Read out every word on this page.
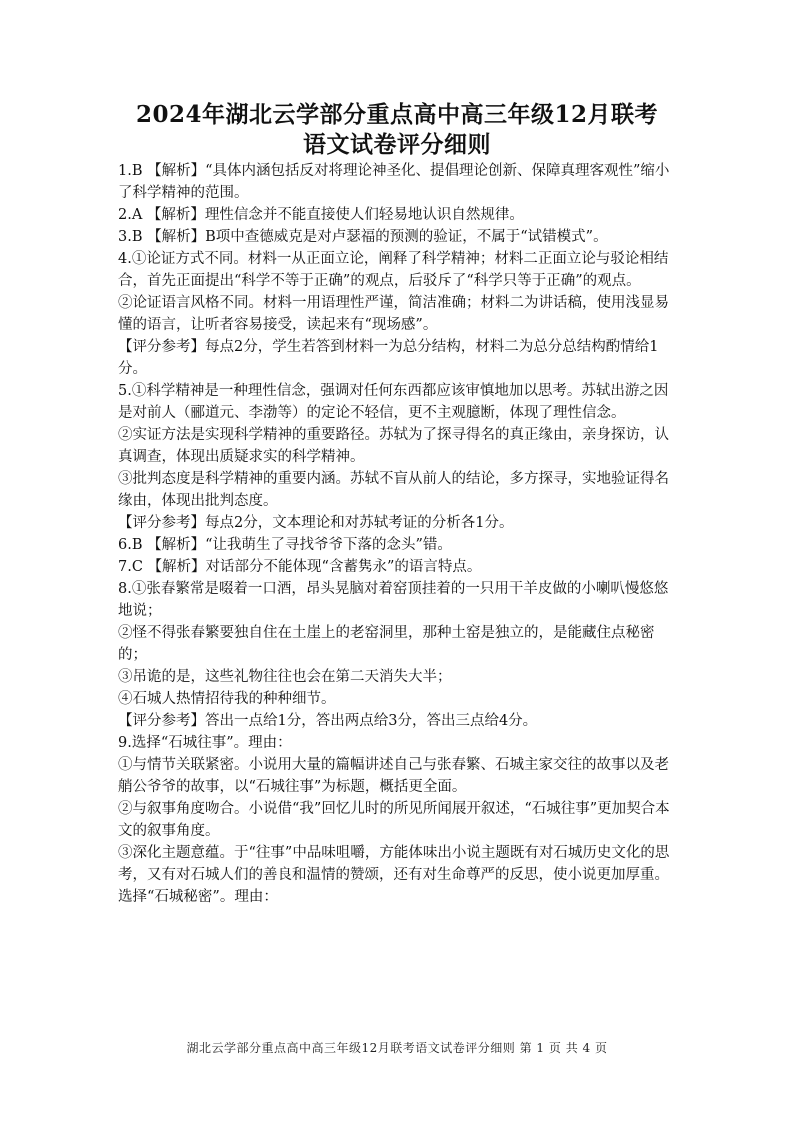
2024年湖北云学部分重点高中高三年级12月联考
语文试卷评分细则

1.B 【解析】“具体内涵包括反对将理论神圣化、提倡理论创新、保障真理客观性”缩小了科学精神的范围。

2.A 【解析】理性信念并不能直接使人们轻易地认识自然规律。

3.B 【解析】B项中查德威克是对卢瑟福的预测的验证，不属于“试错模式”。

4.①论证方式不同。材料一从正面立论，阐释了科学精神；材料二正面立论与驳论相结合，首先正面提出“科学不等于正确”的观点，后驳斥了“科学只等于正确”的观点。

②论证语言风格不同。材料一用语理性严谨，简洁准确；材料二为讲话稿，使用浅显易懂的语言，让听者容易接受，读起来有“现场感”。

【评分参考】每点2分，学生若答到材料一为总分结构，材料二为总分总结构酌情给1分。

5.①科学精神是一种理性信念，强调对任何东西都应该审慎地加以思考。苏轼出游之因是对前人（郦道元、李渤等）的定论不轻信，更不主观臆断，体现了理性信念。

②实证方法是实现科学精神的重要路径。苏轼为了探寻得名的真正缘由，亲身探访，认真调查，体现出质疑求实的科学精神。

③批判态度是科学精神的重要内涵。苏轼不盲从前人的结论，多方探寻，实地验证得名缘由，体现出批判态度。

【评分参考】每点2分，文本理论和对苏轼考证的分析各1分。

6.B 【解析】“让我萌生了寻找爷爷下落的念头”错。

7.C 【解析】对话部分不能体现“含蓄隽永”的语言特点。

8.①张春繁常是啜着一口酒，昂头晃脑对着窑顶挂着的一只用干羊皮做的小喇叭慢悠悠地说；

②怪不得张春繁要独自住在土崖上的老窑洞里，那种土窑是独立的，是能藏住点秘密的；

③吊诡的是，这些礼物往往也会在第二天消失大半；

④石城人热情招待我的种种细节。

【评分参考】答出一点给1分，答出两点给3分，答出三点给4分。

9.选择“石城往事”。理由：

①与情节关联紧密。小说用大量的篇幅讲述自己与张春繁、石城主家交往的故事以及老艄公爷爷的故事，以“石城往事”为标题，概括更全面。

②与叙事角度吻合。小说借“我”回忆儿时的所见所闻展开叙述，“石城往事”更加契合本文的叙事角度。

③深化主题意蕴。于“往事”中品味咀嚼，方能体味出小说主题既有对石城历史文化的思考，又有对石城人们的善良和温情的赞颂，还有对生命尊严的反思，使小说更加厚重。

选择“石城秘密”。理由：

湖北云学部分重点高中高三年级12月联考语文试卷评分细则 第 1 页 共 4 页
